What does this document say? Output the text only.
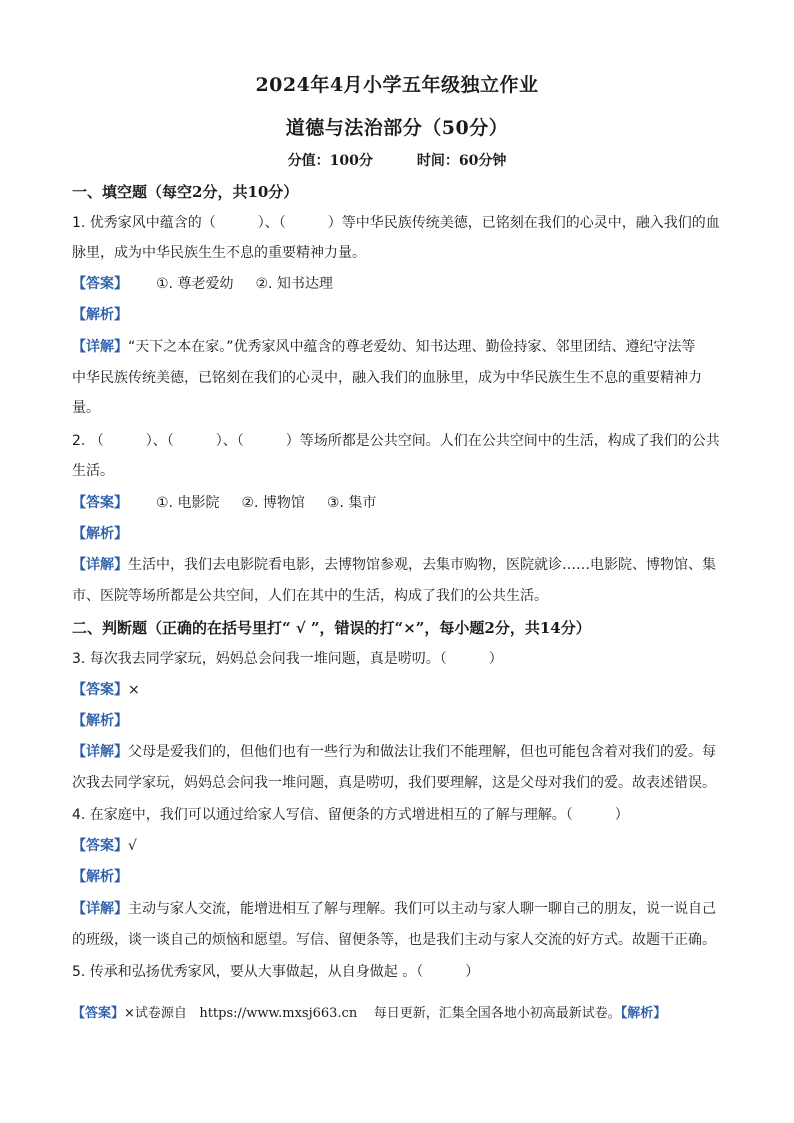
2024年4月小学五年级独立作业
道德与法治部分（50分）
分值：100分	时间：60分钟
一、填空题（每空2分，共10分）
1. 优秀家风中蕴含的（　　　）、（　　　）等中华民族传统美德，已铭刻在我们的心灵中，融入我们的血
脉里，成为中华民族生生不息的重要精神力量。
【答案】 ①. 尊老爱幼 ②. 知书达理
【解析】
【详解】“天下之本在家。”优秀家风中蕴含的尊老爱幼、知书达理、勤俭持家、邻里团结、遵纪守法等
中华民族传统美德，已铭刻在我们的心灵中，融入我们的血脉里，成为中华民族生生不息的重要精神力
量。
2. （　　　）、（　　　）、（　　　）等场所都是公共空间。人们在公共空间中的生活，构成了我们的公共
生活。
【答案】 ①. 电影院 ②. 博物馆 ③. 集市
【解析】
【详解】生活中，我们去电影院看电影，去博物馆参观，去集市购物，医院就诊……电影院、博物馆、集
市、医院等场所都是公共空间，人们在其中的生活，构成了我们的公共生活。
二、判断题（正确的在括号里打“ √ ”，错误的打“×”，每小题2分，共14分）
3. 每次我去同学家玩，妈妈总会问我一堆问题，真是唠叨。（　　　）
【答案】×
【解析】
【详解】父母是爱我们的，但他们也有一些行为和做法让我们不能理解，但也可能包含着对我们的爱。每
次我去同学家玩，妈妈总会问我一堆问题，真是唠叨，我们要理解，这是父母对我们的爱。故表述错误。
4. 在家庭中，我们可以通过给家人写信、留便条的方式增进相互的了解与理解。（　　　）
【答案】√
【解析】
【详解】主动与家人交流，能增进相互了解与理解。我们可以主动与家人聊一聊自己的朋友，说一说自己
的班级，谈一谈自己的烦恼和愿望。写信、留便条等，也是我们主动与家人交流的好方式。故题干正确。
5. 传承和弘扬优秀家风，要从大事做起，从自身做起 。（　　　）
【答案】×试卷源自 https://www.mxsj663.cn 每日更新，汇集全国各地小初高最新试卷。【解析】
